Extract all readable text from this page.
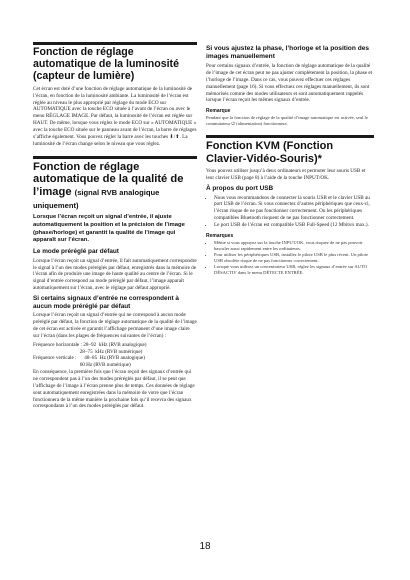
Fonction de réglage automatique de la luminosité (capteur de lumière)

Cet écran est doté d’une fonction de réglage automatique de la luminosité de l’écran, en fonction de la luminosité ambiante. La luminosité de l’écran est réglée au niveau le plus approprié par réglage du mode ECO sur AUTOMATIQUE avec la touche ECO située à l’avant de l’écran ou avec le menu RÉGLAGE IMAGE. Par défaut, la luminosité de l’écran est réglée sur HAUT. De même, lorsque vous réglez le mode ECO sur « AUTOMATIQUE » avec la touche ECO située sur le panneau avant de l’écran, la barre de réglages s’affiche également. Vous pouvez régler la barre avec les touches ⬇/⬆. La luminosité de l’écran change selon le niveau que vous réglez.

Fonction de réglage automatique de la qualité de l’image (signal RVB analogique uniquement)
Lorsque l’écran reçoit un signal d’entrée, il ajuste automatiquement la position et la précision de l’image (phase/horloge) et garantit la qualité de l’image qui apparaît sur l’écran.
Le mode préréglé par défaut

Lorsque l’écran reçoit un signal d’entrée, il fait automatiquement correspondre le signal à l’un des modes préréglés par défaut, enregistrés dans la mémoire de l’écran afin de produire une image de haute qualité au centre de l’écran. Si le signal d’entrée correspond au mode préréglé par défaut, l’image apparaît automatiquement sur l’écran, avec le réglage par défaut approprié.

Si certains signaux d’entrée ne correspondent à aucun mode préréglé par défaut

Lorsque l’écran reçoit un signal d’entrée qui ne correspond à aucun mode préréglé par défaut, la fonction de réglage automatique de la qualité de l’image de cet écran est activée et garantit l’affichage permanent d’une image claire sur l’écran (dans les plages de fréquences suivantes de l’écran) :

Fréquence horizontale : 28–92  kHz (RVB analogique)
28–75  kHz (RVB numérique)
Fréquence verticale :      48–85  Hz (RVB analogique)
60 Hz (RVB numérique)

En conséquence, la première fois que l’écran reçoit des signaux d’entrée qui ne correspondent pas à l’un des modes préréglés par défaut, il se peut que l’affichage de l’image à l’écran prenne plus de temps. Ces données de réglage sont automatiquement enregistrées dans la mémoire de votre que l’écran fonctionnera de la même manière la prochaine fois qu’il recevra des signaux correspondants à l’un des modes préréglés par défaut.

Si vous ajustez la phase, l’horloge et la position des images manuellement

Pour certains signaux d’entrée, la fonction de réglage automatique de la qualité de l’image de cet écran peut ne pas ajuster complètement la position, la phase et l’horloge de l’image. Dans ce cas, vous pouvez effectuer ces réglages manuellement (page 16). Si vous effectuez ces réglages manuellement, ils sont mémorisés comme des modes utilisateurs et sont automatiquement rappelés lorsque l’écran reçoit les mêmes signaux d’entrée.

Remarque

Pendant que la fonction de réglage de la qualité d’image automatique est activée, seul le commutateur ⏻ (alimentation) fonctionnera.

Fonction KVM (Fonction Clavier-Vidéo-Souris)*

Vous pouvez utiliser jusqu’à deux ordinateurs et permuter leur souris USB et leur clavier USB (page 8) à l’aide de la touche INPUT/OK.

À propos du port USB
• Nous vous recommandons de connecter la souris USB et le clavier USB au port USB de l’écran. Si vous connectez d’autres périphériques que ceux-ci, l’écran risque de ne pas fonctionner correctement. Ou les périphériques compatibles Bluetooth risquent de ne pas fonctionner correctement.
• Le port USB de l’écran est compatible USB Full-Speed (12 Mbits/s max.).
Remarques
• Même si vous appuyez sur la touche INPUT/OK, vous risquez de ne pas pouvoir basculer aussi rapidement entre les ordinateurs.
• Pour utiliser les périphériques USB, installez le pilote USB le plus récent. Un pilote USB obsolète risque de ne pas fonctionner correctement.
• Lorsque vous utilisez un concentrateur USB, réglez les signaux d’entrée sur AUTO DÉSACTIV dans le menu DÉTECTE ENTRÉE.
18
